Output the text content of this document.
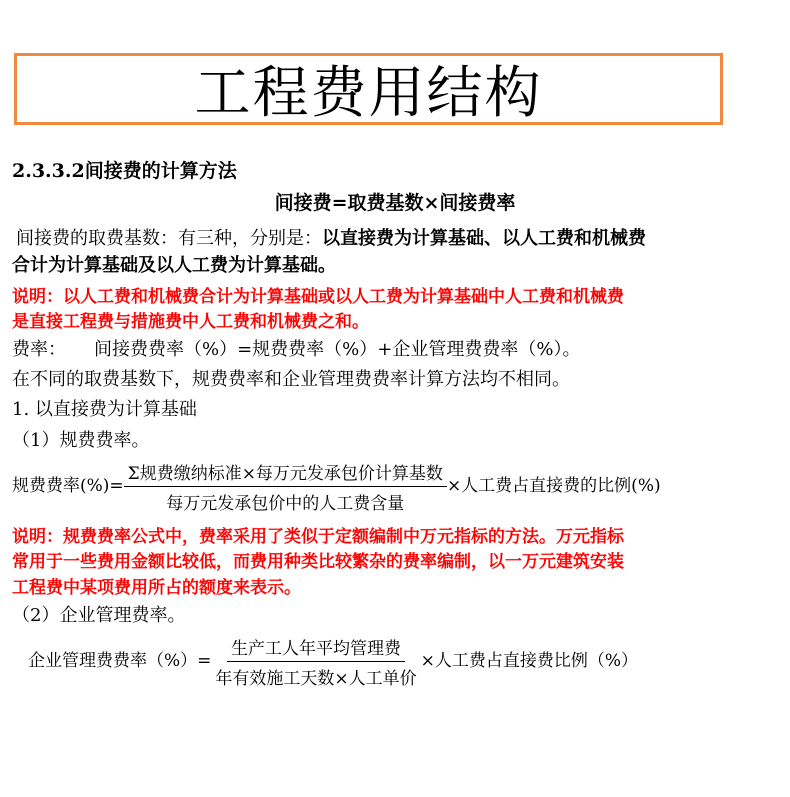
工程费用结构
2.3.3.2间接费的计算方法
间接费=取费基数×间接费率
间接费的取费基数：有三种，分别是：以直接费为计算基础、以人工费和机械费
合计为计算基础及以人工费为计算基础。
说明：以人工费和机械费合计为计算基础或以人工费为计算基础中人工费和机械费
是直接工程费与措施费中人工费和机械费之和。
费率： 间接费费率（%）=规费费率（%）+企业管理费费率（%）。
在不同的取费基数下，规费费率和企业管理费费率计算方法均不相同。
1. 以直接费为计算基础
（1）规费费率。
规费费率(%)= $\frac{\text{Σ规费缴纳标准×每万元发承包价计算基数}}{\text{每万元发承包价中的人工费含量}}$ ×人工费占直接费的比例(%)
说明：规费费率公式中，费率采用了类似于定额编制中万元指标的方法。万元指标
常用于一些费用金额比较低，而费用种类比较繁杂的费率编制，以一万元建筑安装
工程费中某项费用所占的额度来表示。
（2）企业管理费率。
企业管理费费率（%）= $\frac{\text{生产工人年平均管理费}}{\text{年有效施工天数×人工单价}}$ ×人工费占直接费比例（%）
